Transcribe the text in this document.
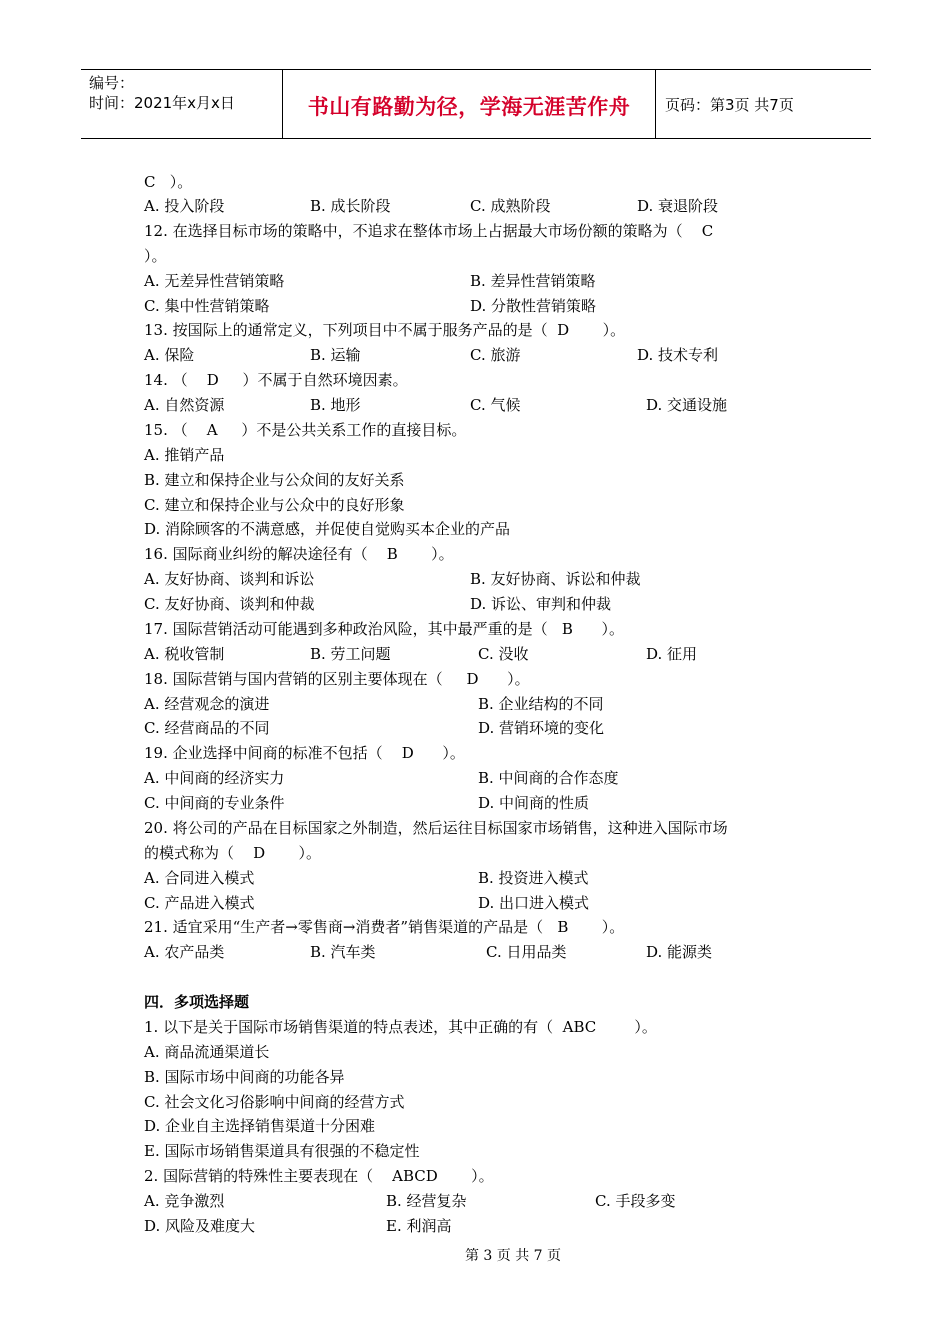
编号：
时间：2021年x月x日	书山有路勤为径，学海无涯苦作舟	页码：第3页 共7页
C   ）。
A. 投入阶段	B. 成长阶段	C. 成熟阶段	D. 衰退阶段
12. 在选择目标市场的策略中，不追求在整体市场上占据最大市场份额的策略为（    C
）。
A. 无差异性营销策略	B. 差异性营销策略
C. 集中性营销策略	D. 分散性营销策略
13. 按国际上的通常定义，下列项目中不属于服务产品的是（  D       ）。
A. 保险	B. 运输	C. 旅游	D. 技术专利
14. （    D     ）不属于自然环境因素。
A. 自然资源	B. 地形	C. 气候	D. 交通设施
15. （    A     ）不是公共关系工作的直接目标。
A. 推销产品
B. 建立和保持企业与公众间的友好关系
C. 建立和保持企业与公众中的良好形象
D. 消除顾客的不满意感，并促使自觉购买本企业的产品
16. 国际商业纠纷的解决途径有（    B       ）。
A. 友好协商、谈判和诉讼	B. 友好协商、诉讼和仲裁
C. 友好协商、谈判和仲裁	D. 诉讼、审判和仲裁
17. 国际营销活动可能遇到多种政治风险，其中最严重的是（   B      ）。
A. 税收管制	B. 劳工问题	C. 没收	D. 征用
18. 国际营销与国内营销的区别主要体现在（     D      ）。
A. 经营观念的演进	B. 企业结构的不同
C. 经营商品的不同	D. 营销环境的变化
19. 企业选择中间商的标准不包括（    D      ）。
A. 中间商的经济实力	B. 中间商的合作态度
C. 中间商的专业条件	D. 中间商的性质
20. 将公司的产品在目标国家之外制造，然后运往目标国家市场销售，这种进入国际市场
的模式称为（    D       ）。
A. 合同进入模式	B. 投资进入模式
C. 产品进入模式	D. 出口进入模式
21. 适宜采用“生产者→零售商→消费者”销售渠道的产品是（   B       ）。
A. 农产品类	B. 汽车类	C. 日用品类	D. 能源类
四．多项选择题
1. 以下是关于国际市场销售渠道的特点表述，其中正确的有（  ABC        ）。
A. 商品流通渠道长
B. 国际市场中间商的功能各异
C. 社会文化习俗影响中间商的经营方式
D. 企业自主选择销售渠道十分困难
E. 国际市场销售渠道具有很强的不稳定性
2. 国际营销的特殊性主要表现在（    ABCD       ）。
A. 竞争激烈	B. 经营复杂	C. 手段多变
D. 风险及难度大	E. 利润高
第 3 页 共 7 页
